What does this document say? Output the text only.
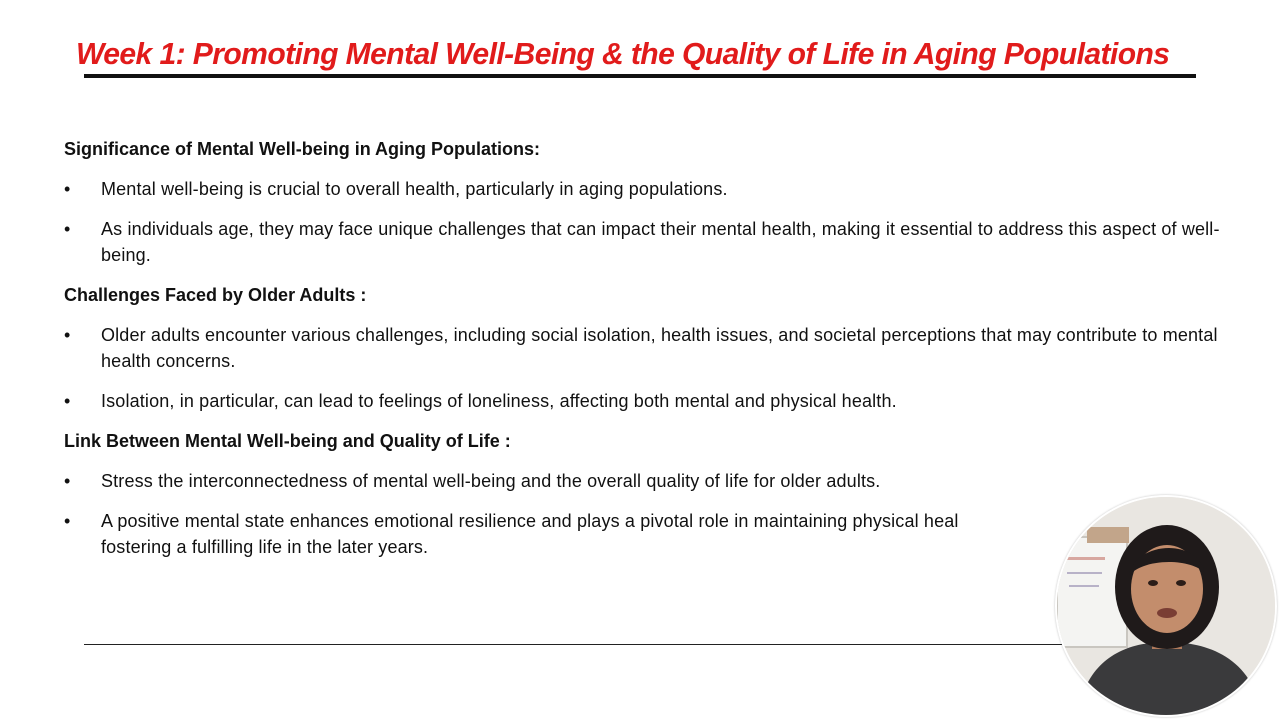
Week 1: Promoting Mental Well-Being & the Quality of Life in Aging Populations
Significance of Mental Well-being in Aging Populations:
•	Mental well-being is crucial to overall health, particularly in aging populations.
•	As individuals age, they may face unique challenges that can impact their mental health, making it essential to address this aspect of well-being.
Challenges Faced by Older Adults :
•	Older adults encounter various challenges, including social isolation, health issues, and societal perceptions that may contribute to mental health concerns.
•	Isolation, in particular, can lead to feelings of loneliness, affecting both mental and physical health.
Link Between Mental Well-being and Quality of Life :
•	Stress the interconnectedness of mental well-being and the overall quality of life for older adults.
•	A positive mental state enhances emotional resilience and plays a pivotal role in maintaining physical heal
fostering a fulfilling life in the later years.
